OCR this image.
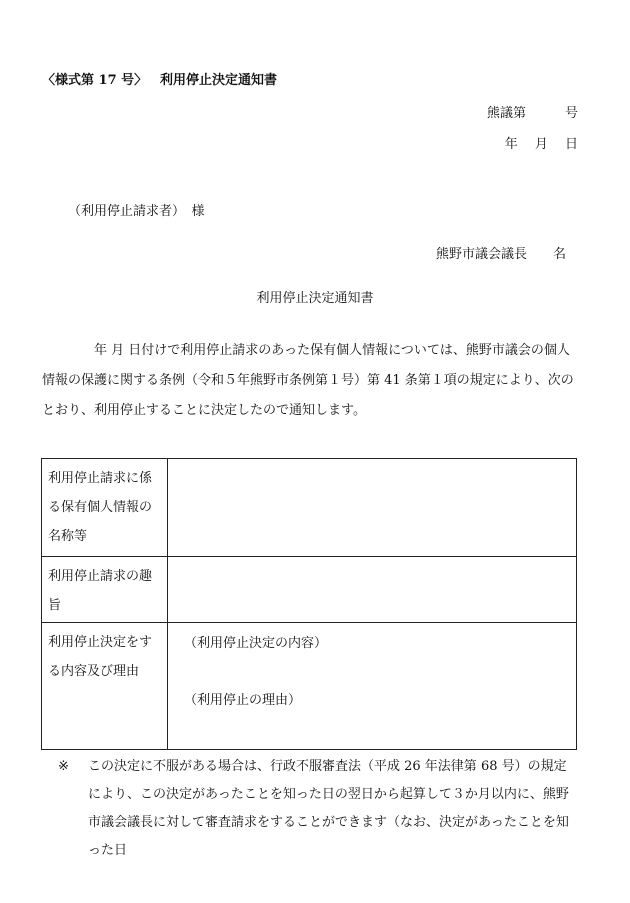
〈様式第 17 号〉 利用停止決定通知書
熊議第　　　号
年　 月　 日
（利用停止請求者）　様
熊野市議会議長　　名
利用停止決定通知書
年 月 日付けで利用停止請求のあった保有個人情報については、熊野市議会の個人情報の保護に関する条例（令和５年熊野市条例第１号）第 41 条第１項の規定により、次のとおり、利用停止することに決定したので通知します。
利用停止請求に係る保有個人情報の名称等	
利用停止請求の趣旨	
利用停止決定をする内容及び理由	（利用停止決定の内容）
（利用停止の理由）
※ この決定に不服がある場合は、行政不服審査法（平成 26 年法律第 68 号）の規定により、この決定があったことを知った日の翌日から起算して３か月以内に、熊野市議会議長に対して審査請求をすることができます（なお、決定があったことを知った日
